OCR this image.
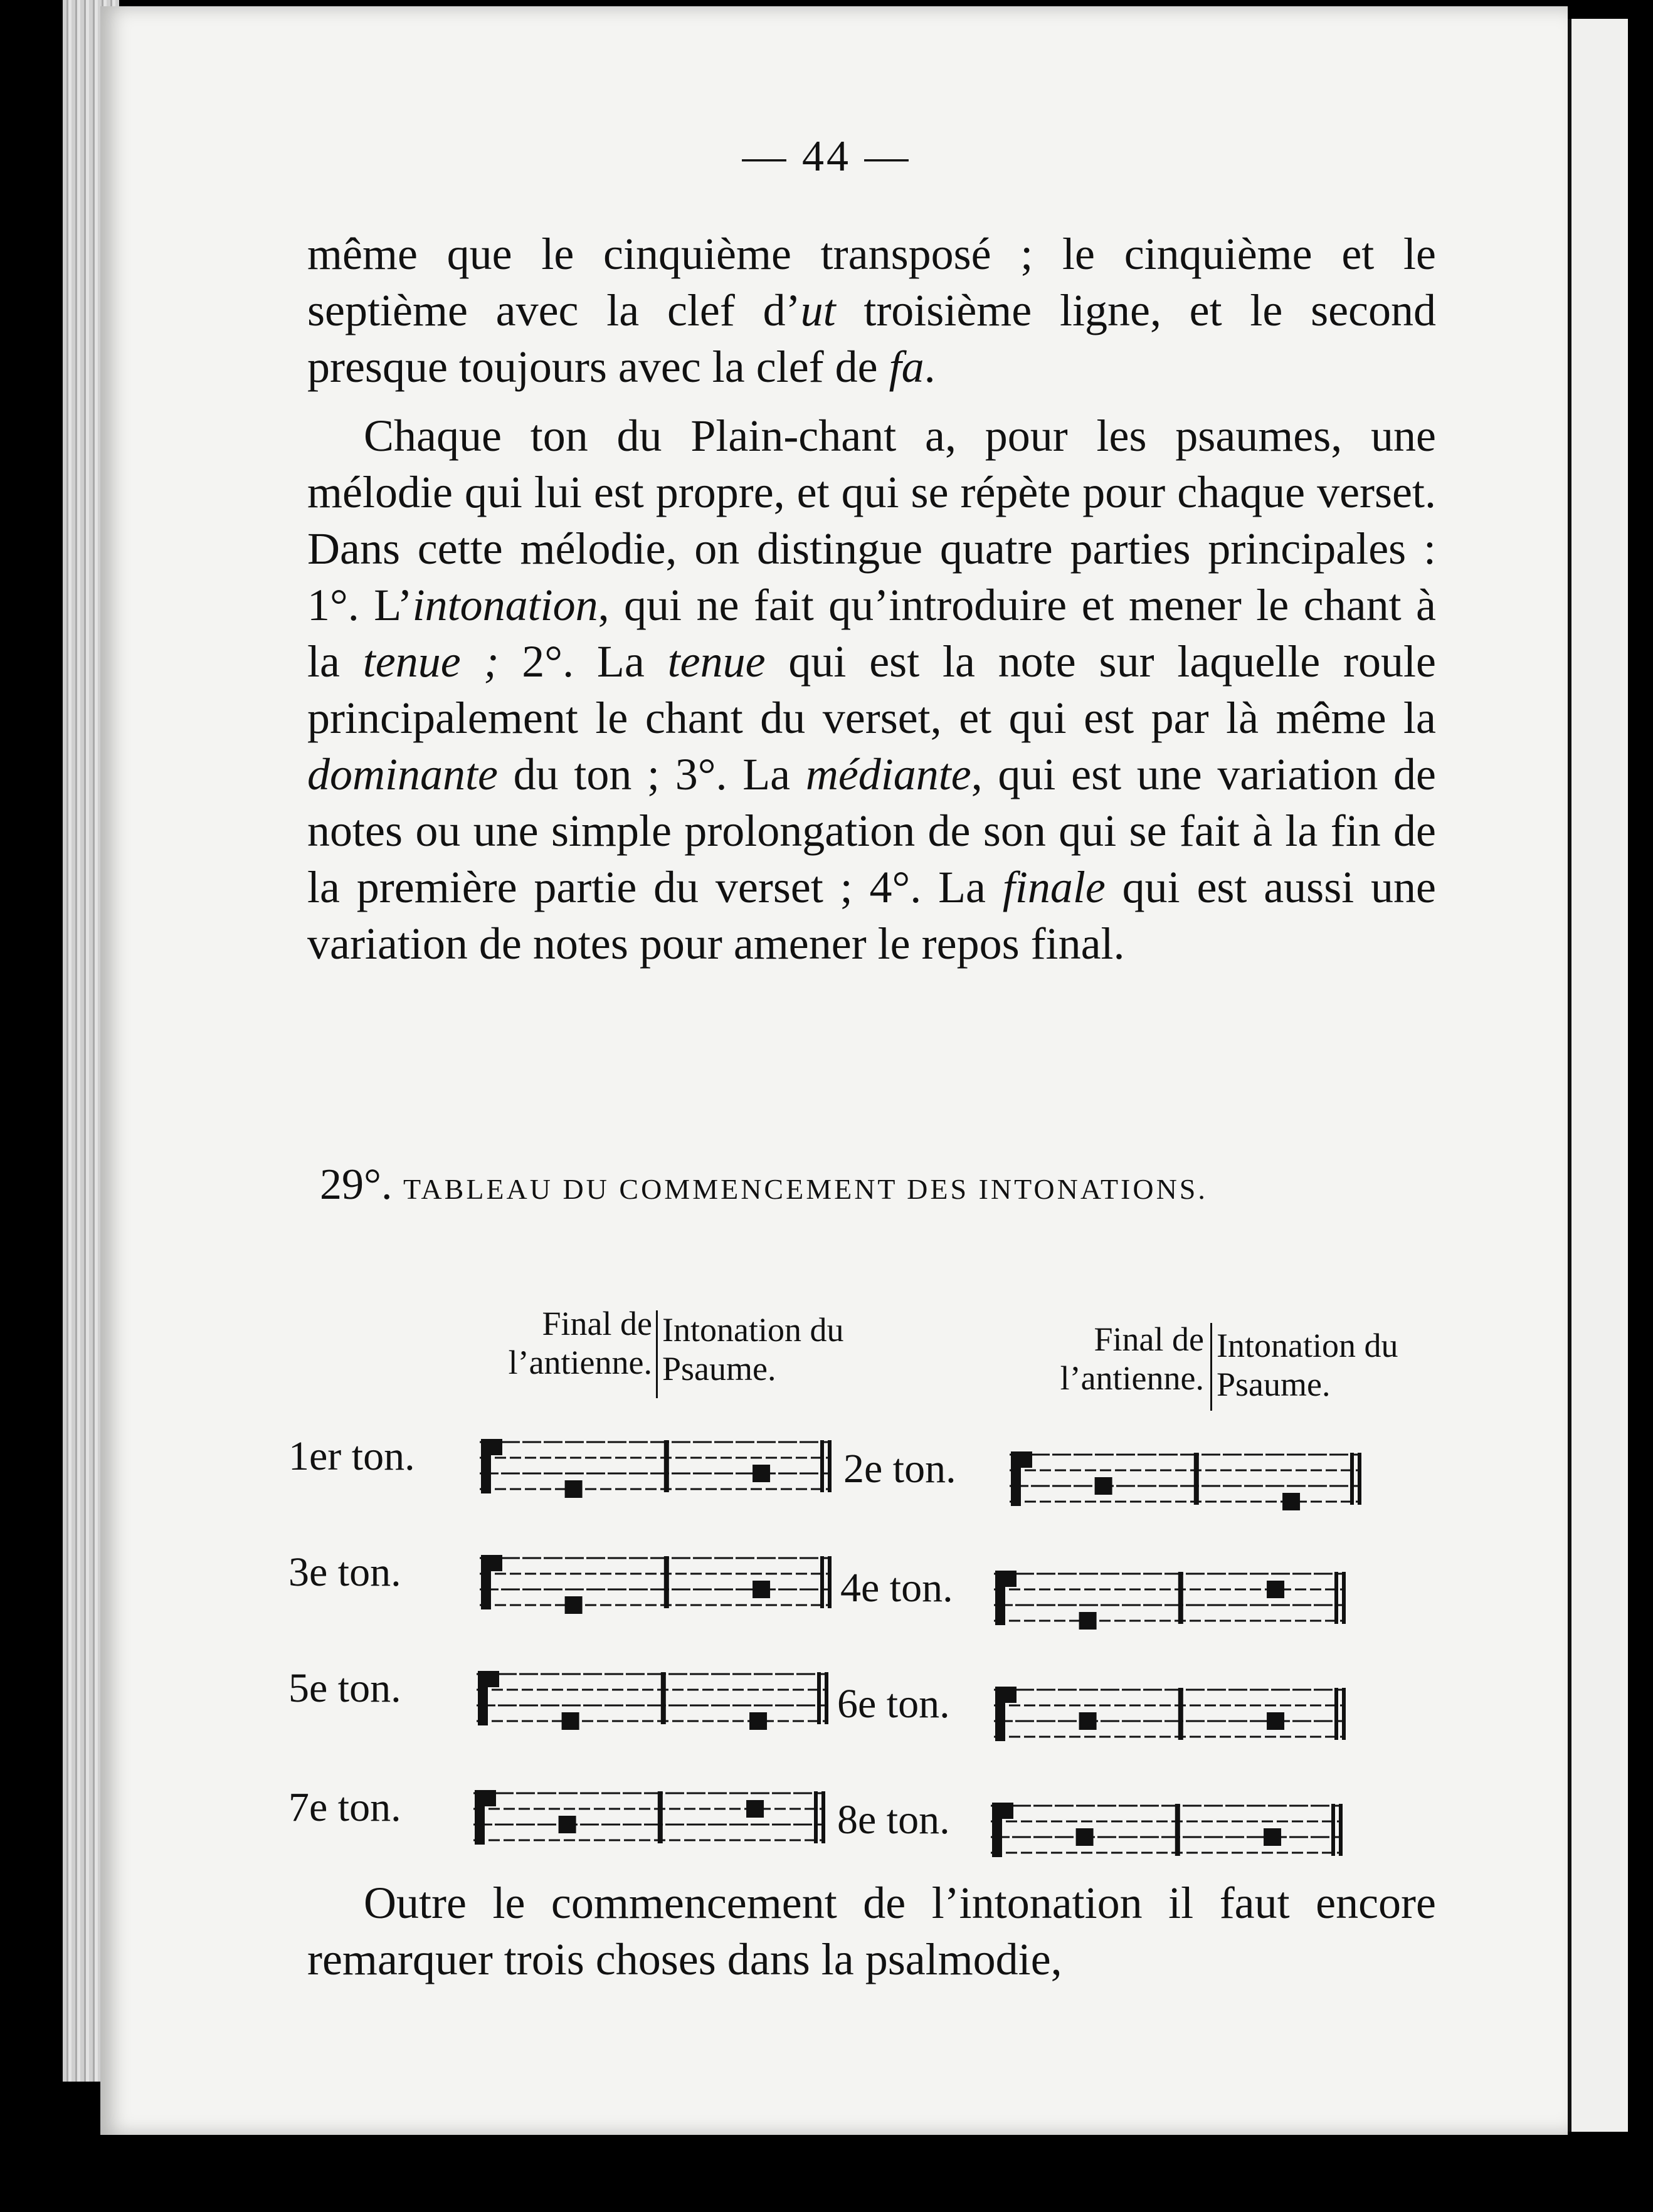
— 44 —

même que le cinquième transposé ; le cinquième et le septième avec la clef d’ut troisième ligne, et le second presque toujours avec la clef de fa.

Chaque ton du Plain-chant a, pour les psaumes, une mélodie qui lui est propre, et qui se répète pour chaque verset. Dans cette mélodie, on distingue quatre parties principales : 1°. L’intonation, qui ne fait qu’introduire et mener le chant à la tenue ; 2°. La tenue qui est la note sur laquelle roule principalement le chant du verset, et qui est par là même la dominante du ton ; 3°. La médiante, qui est une variation de notes ou une simple prolongation de son qui se fait à la fin de la première partie du verset ; 4°. La finale qui est aussi une variation de notes pour amener le repos final.

29°. TABLEAU DU COMMENCEMENT DES INTONATIONS.
Final de l’antienne.
Intonation du Psaume.
Final de l’antienne.
Intonation du Psaume.
1er ton.	2e ton.
3e ton.	4e ton.
5e ton.	6e ton.
7e ton.	8e ton.

Outre le commencement de l’intonation il faut encore remarquer trois choses dans la psalmodie,
